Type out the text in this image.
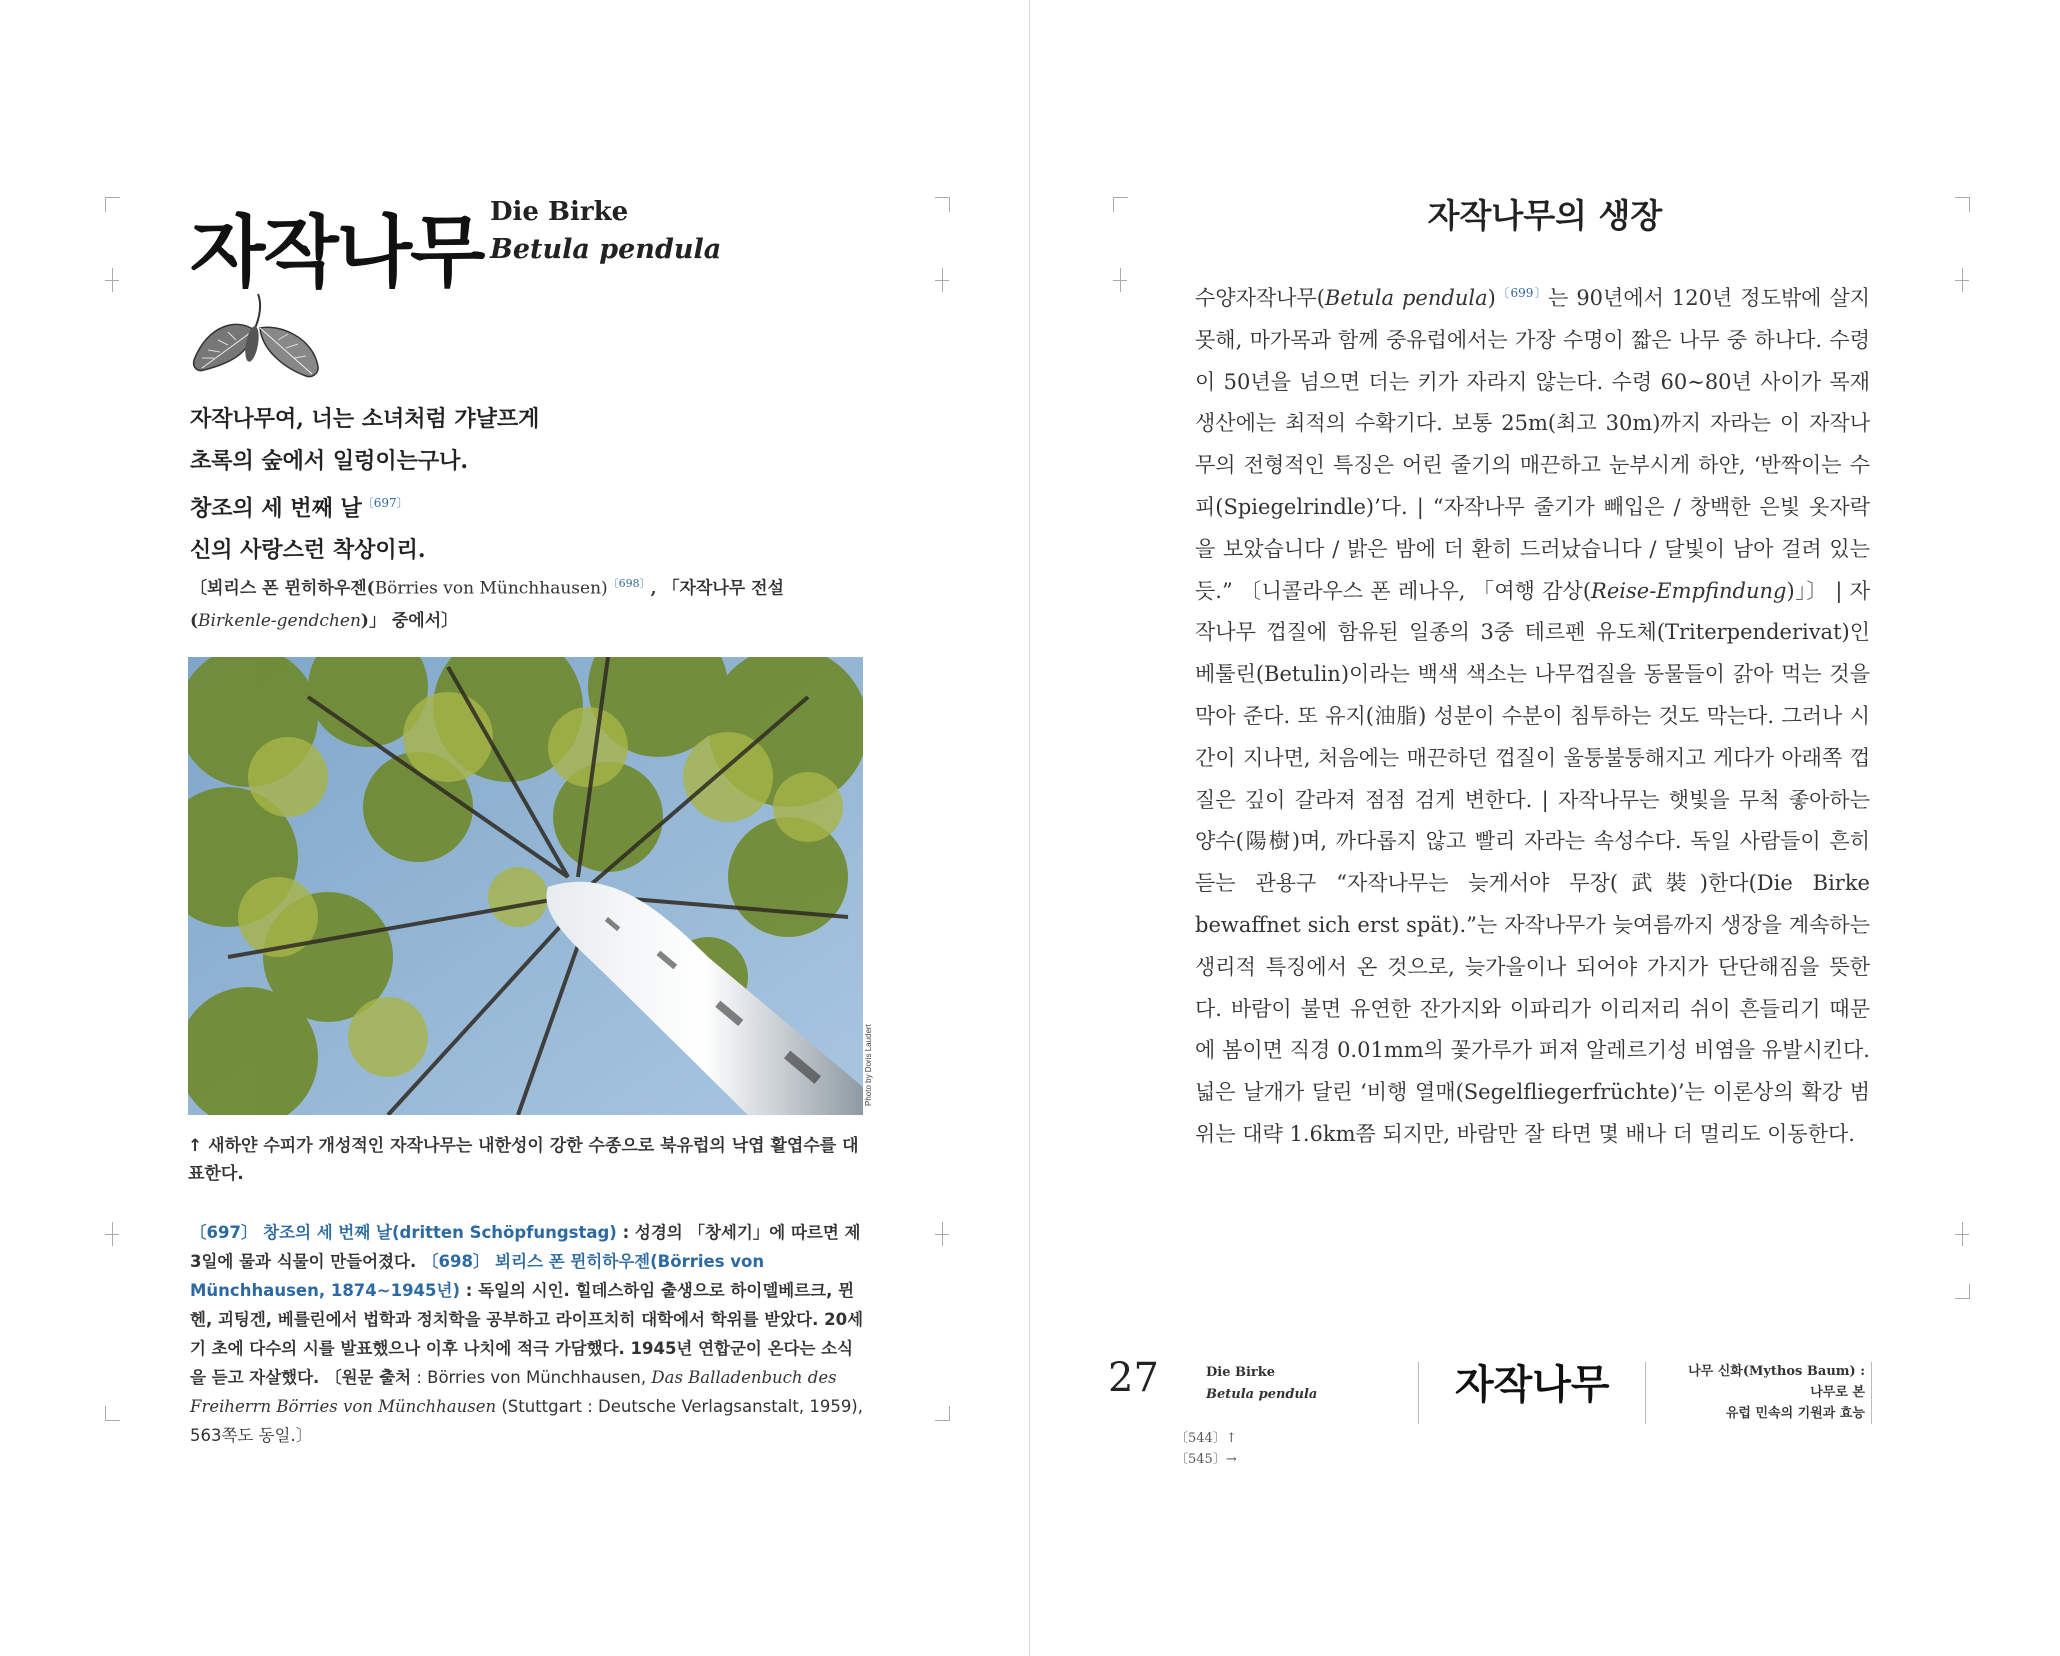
자작나무 Die Birke
Betula pendula
자작나무여, 너는 소녀처럼 갸냘프게
초록의 숲에서 일렁이는구나.
창조의 세 번째 날$^{〔697〕}$
신의 사랑스런 착상이리.
〔뵈리스 폰 뮌히하우젠(Börries von Münchhausen)$^{〔698〕}$, 「자작나무 전설(Birkenle-gendchen)」 중에서〕
Photo by Doris Laudert
↑ 새하얀 수피가 개성적인 자작나무는 내한성이 강한 수종으로 북유럽의 낙엽 활엽수를 대표한다.
〔697〕 창조의 세 번째 날(dritten Schöpfungstag) : 성경의 「창세기」에 따르면 제3일에 물과 식물이 만들어졌다. 〔698〕 뵈리스 폰 뮌히하우젠(Börries von Münchhausen, 1874∼1945년) : 독일의 시인. 힐데스하임 출생으로 하이델베르크, 뮌헨, 괴팅겐, 베를린에서 법학과 정치학을 공부하고 라이프치히 대학에서 학위를 받았다. 20세기 초에 다수의 시를 발표했으나 이후 나치에 적극 가담했다. 1945년 연합군이 온다는 소식을 듣고 자살했다. 〔원문 출처 : Börries von Münchhausen, Das Balladenbuch des Freiherrn Börries von Münchhausen (Stuttgart : Deutsche Verlagsanstalt, 1959), 563쪽도 동일.〕
자작나무의 생장
수양자작나무(Betula pendula)$^{〔699〕}$는 90년에서 120년 정도밖에 살지 못해, 마가목과 함께 중유럽에서는 가장 수명이 짧은 나무 중 하나다. 수령이 50년을 넘으면 더는 키가 자라지 않는다. 수령 60∼80년 사이가 목재 생산에는 최적의 수확기다. 보통 25m(최고 30m)까지 자라는 이 자작나무의 전형적인 특징은 어린 줄기의 매끈하고 눈부시게 하얀, ‘반짝이는 수피(Spiegelrindle)’다. | “자작나무 줄기가 빼입은 / 창백한 은빛 옷자락을 보았습니다 / 밝은 밤에 더 환히 드러났습니다 / 달빛이 남아 걸려 있는 듯.” 〔니콜라우스 폰 레나우, 「여행 감상(Reise-Empfindung)」〕 | 자작나무 껍질에 함유된 일종의 3중 테르펜 유도체(Triterpenderivat)인 베툴린(Betulin)이라는 백색 색소는 나무껍질을 동물들이 갉아 먹는 것을 막아 준다. 또 유지(油脂) 성분이 수분이 침투하는 것도 막는다. 그러나 시간이 지나면, 처음에는 매끈하던 껍질이 울퉁불퉁해지고 게다가 아래쪽 껍질은 깊이 갈라져 점점 검게 변한다. | 자작나무는 햇빛을 무척 좋아하는 양수(陽樹)며, 까다롭지 않고 빨리 자라는 속성수다. 독일 사람들이 흔히 듣는 관용구 “자작나무는 늦게서야 무장(武裝)한다(Die Birke bewaffnet sich erst spät).”는 자작나무가 늦여름까지 생장을 계속하는 생리적 특징에서 온 것으로, 늦가을이나 되어야 가지가 단단해짐을 뜻한다. 바람이 불면 유연한 잔가지와 이파리가 이리저리 쉬이 흔들리기 때문에 봄이면 직경 0.01mm의 꽃가루가 퍼져 알레르기성 비염을 유발시킨다. 넓은 날개가 달린 ‘비행 열매(Segelfliegerfrüchte)’는 이론상의 확강 범위는 대략 1.6km쯤 되지만, 바람만 잘 타면 몇 배나 더 멀리도 이동한다.
27	Die Birke
Betula pendula	자작나무	나무 신화(Mythos Baum) :
나무로 본
유럽 민속의 기원과 효능
〔544〕↑
〔545〕→
